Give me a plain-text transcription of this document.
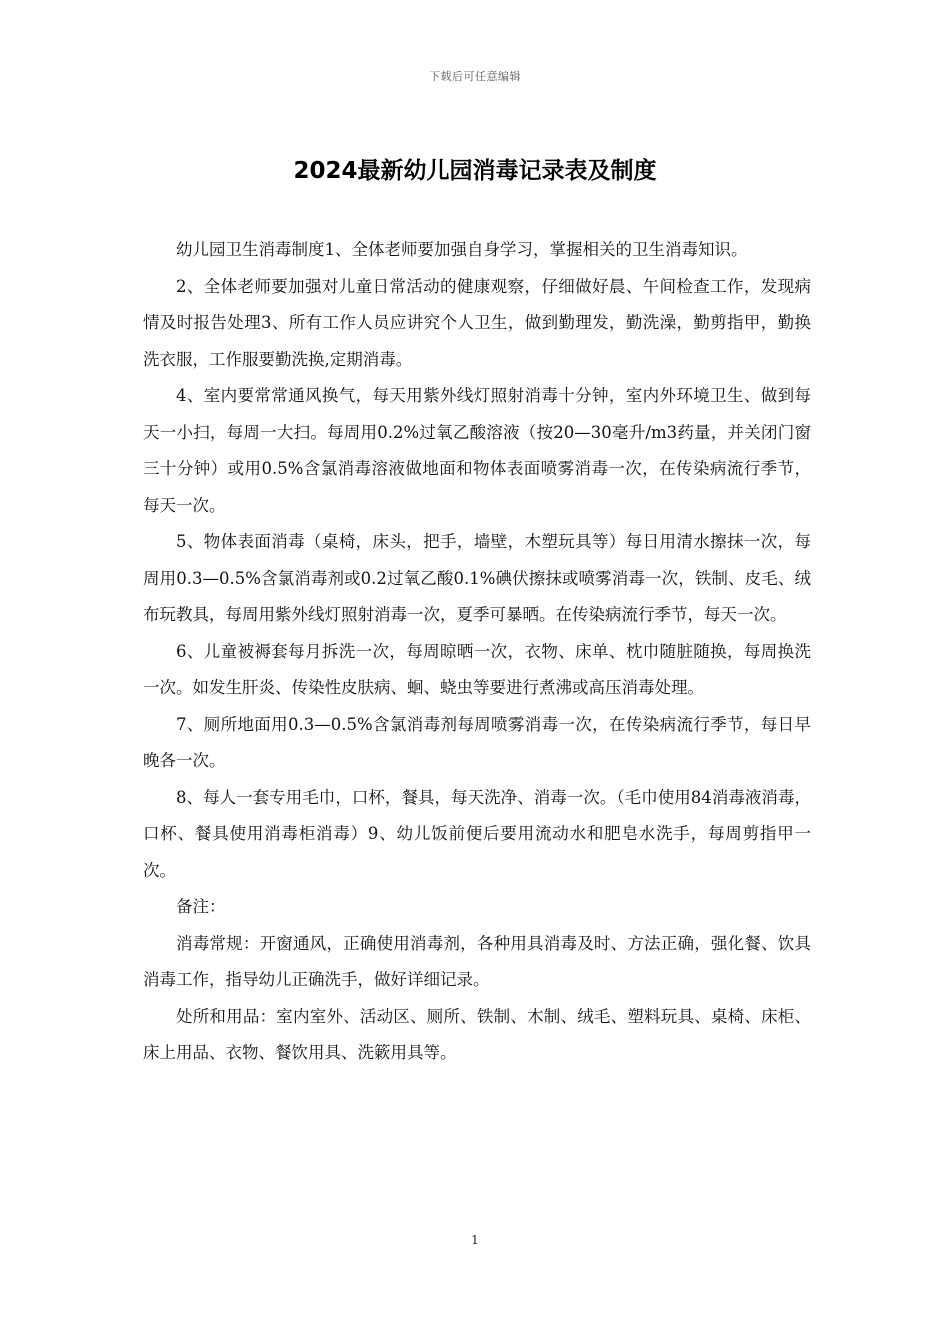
下载后可任意编辑
2024最新幼儿园消毒记录表及制度

幼儿园卫生消毒制度1、全体老师要加强自身学习，掌握相关的卫生消毒知识。

2、全体老师要加强对儿童日常活动的健康观察，仔细做好晨、午间检查工作，发现病情及时报告处理3、所有工作人员应讲究个人卫生，做到勤理发，勤洗澡，勤剪指甲，勤换洗衣服，工作服要勤洗换,定期消毒。

4、室内要常常通风换气，每天用紫外线灯照射消毒十分钟，室内外环境卫生、做到每天一小扫，每周一大扫。每周用0.2%过氧乙酸溶液（按20—30毫升/m3药量，并关闭门窗三十分钟）或用0.5%含氯消毒溶液做地面和物体表面喷雾消毒一次，在传染病流行季节，每天一次。

5、物体表面消毒（桌椅，床头，把手，墙壁，木塑玩具等）每日用清水擦抹一次，每周用0.3—0.5%含氯消毒剂或0.2过氧乙酸0.1%碘伏擦抹或喷雾消毒一次，铁制、皮毛、绒布玩教具，每周用紫外线灯照射消毒一次，夏季可暴晒。在传染病流行季节，每天一次。

6、儿童被褥套每月拆洗一次，每周晾晒一次，衣物、床单、枕巾随脏随换，每周换洗一次。如发生肝炎、传染性皮肤病、蛔、蛲虫等要进行煮沸或高压消毒处理。

7、厕所地面用0.3—0.5%含氯消毒剂每周喷雾消毒一次，在传染病流行季节，每日早晚各一次。

8、每人一套专用毛巾，口杯，餐具，每天洗净、消毒一次。（毛巾使用84消毒液消毒，口杯、餐具使用消毒柜消毒）9、幼儿饭前便后要用流动水和肥皂水洗手，每周剪指甲一次。

备注：

消毒常规：开窗通风，正确使用消毒剂，各种用具消毒及时、方法正确，强化餐、饮具消毒工作，指导幼儿正确洗手，做好详细记录。

处所和用品：室内室外、活动区、厕所、铁制、木制、绒毛、塑料玩具、桌椅、床柜、床上用品、衣物、餐饮用具、洗簌用具等。

1
